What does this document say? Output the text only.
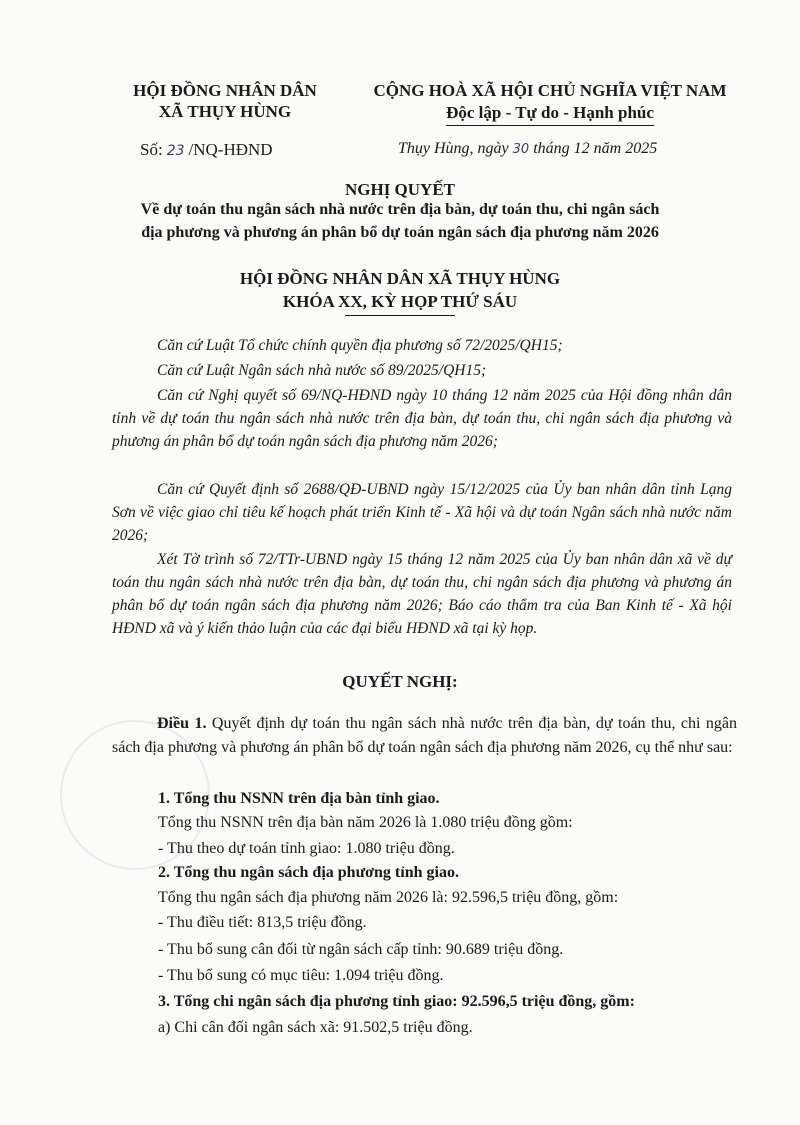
HỘI ĐỒNG NHÂN DÂN
XÃ THỤY HÙNG
CỘNG HOÀ XÃ HỘI CHỦ NGHĨA VIỆT NAM
Độc lập - Tự do - Hạnh phúc
Số: 23 /NQ-HĐND	Thụy Hùng, ngày 30 tháng 12 năm 2025
NGHỊ QUYẾT
Về dự toán thu ngân sách nhà nước trên địa bàn, dự toán thu, chi ngân sách
địa phương và phương án phân bổ dự toán ngân sách địa phương năm 2026
HỘI ĐỒNG NHÂN DÂN XÃ THỤY HÙNG
KHÓA XX, KỲ HỌP THỨ SÁU
Căn cứ Luật Tổ chức chính quyền địa phương số 72/2025/QH15;
Căn cứ Luật Ngân sách nhà nước số 89/2025/QH15;
Căn cứ Nghị quyết số 69/NQ-HĐND ngày 10 tháng 12 năm 2025 của Hội đồng nhân dân tỉnh về dự toán thu ngân sách nhà nước trên địa bàn, dự toán thu, chi ngân sách địa phương và phương án phân bổ dự toán ngân sách địa phương năm 2026;
Căn cứ Quyết định số 2688/QĐ-UBND ngày 15/12/2025 của Ủy ban nhân dân tỉnh Lạng Sơn về việc giao chỉ tiêu kế hoạch phát triển Kinh tế - Xã hội và dự toán Ngân sách nhà nước năm 2026;
Xét Tờ trình số 72/TTr-UBND ngày 15 tháng 12 năm 2025 của Ủy ban nhân dân xã về dự toán thu ngân sách nhà nước trên địa bàn, dự toán thu, chi ngân sách địa phương và phương án phân bổ dự toán ngân sách địa phương năm 2026; Báo cáo thẩm tra của Ban Kinh tế - Xã hội HĐND xã và ý kiến thảo luận của các đại biểu HĐND xã tại kỳ họp.
QUYẾT NGHỊ:
Điều 1. Quyết định dự toán thu ngân sách nhà nước trên địa bàn, dự toán thu, chi ngân sách địa phương và phương án phân bổ dự toán ngân sách địa phương năm 2026, cụ thể như sau:
1. Tổng thu NSNN trên địa bàn tỉnh giao.
Tổng thu NSNN trên địa bàn năm 2026 là 1.080 triệu đồng gồm:
- Thu theo dự toán tỉnh giao: 1.080 triệu đồng.
2. Tổng thu ngân sách địa phương tỉnh giao.
Tổng thu ngân sách địa phương năm 2026 là: 92.596,5 triệu đồng, gồm:
- Thu điều tiết: 813,5 triệu đồng.
- Thu bổ sung cân đối từ ngân sách cấp tỉnh: 90.689 triệu đồng.
- Thu bổ sung có mục tiêu: 1.094 triệu đồng.
3. Tổng chi ngân sách địa phương tỉnh giao: 92.596,5 triệu đồng, gồm:
a) Chi cân đối ngân sách xã: 91.502,5 triệu đồng.
